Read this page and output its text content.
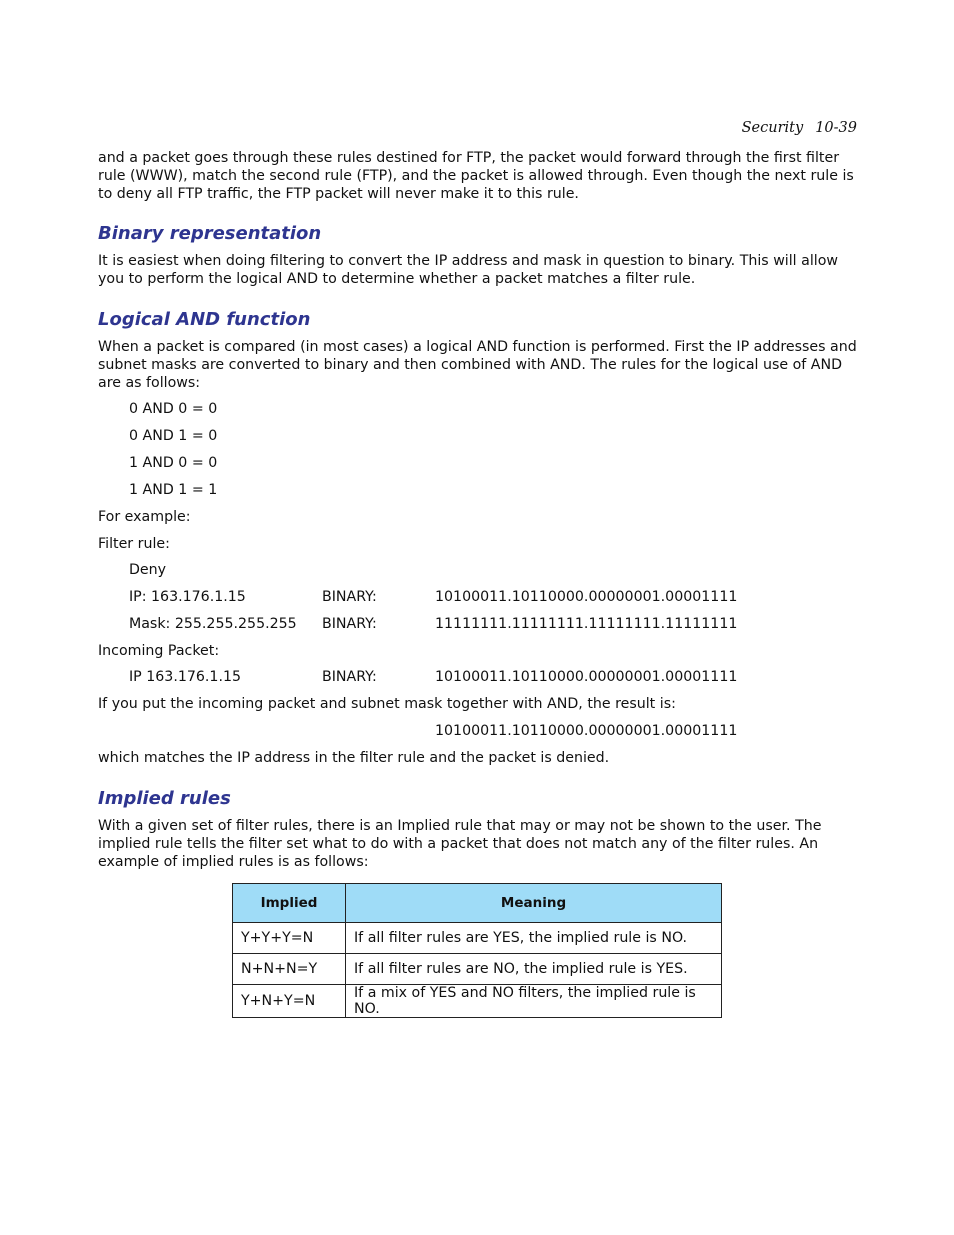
Security 10-39

and a packet goes through these rules destined for FTP, the packet would forward through the first filter rule (WWW), match the second rule (FTP), and the packet is allowed through. Even though the next rule is to deny all FTP traffic, the FTP packet will never make it to this rule.

Binary representation

It is easiest when doing filtering to convert the IP address and mask in question to binary. This will allow you to perform the logical AND to determine whether a packet matches a filter rule.

Logical AND function

When a packet is compared (in most cases) a logical AND function is performed. First the IP addresses and subnet masks are converted to binary and then combined with AND. The rules for the logical use of AND are as follows:

0 AND 0 = 0
0 AND 1 = 0
1 AND 0 = 0
1 AND 1 = 1
For example:
Filter rule:
Deny
IP: 163.176.1.15	BINARY:	10100011.10110000.00000001.00001111
Mask: 255.255.255.255 BINARY:	11111111.11111111.11111111.11111111
Incoming Packet:
IP 163.176.1.15	BINARY:	10100011.10110000.00000001.00001111
If you put the incoming packet and subnet mask together with AND, the result is:
10100011.10110000.00000001.00001111
which matches the IP address in the filter rule and the packet is denied.
Implied rules

With a given set of filter rules, there is an Implied rule that may or may not be shown to the user. The implied rule tells the filter set what to do with a packet that does not match any of the filter rules. An example of implied rules is as follows:

Implied	Meaning
Y+Y+Y=N	If all filter rules are YES, the implied rule is NO.
N+N+N=Y	If all filter rules are NO, the implied rule is YES.
Y+N+Y=N	If a mix of YES and NO filters, the implied rule is NO.
